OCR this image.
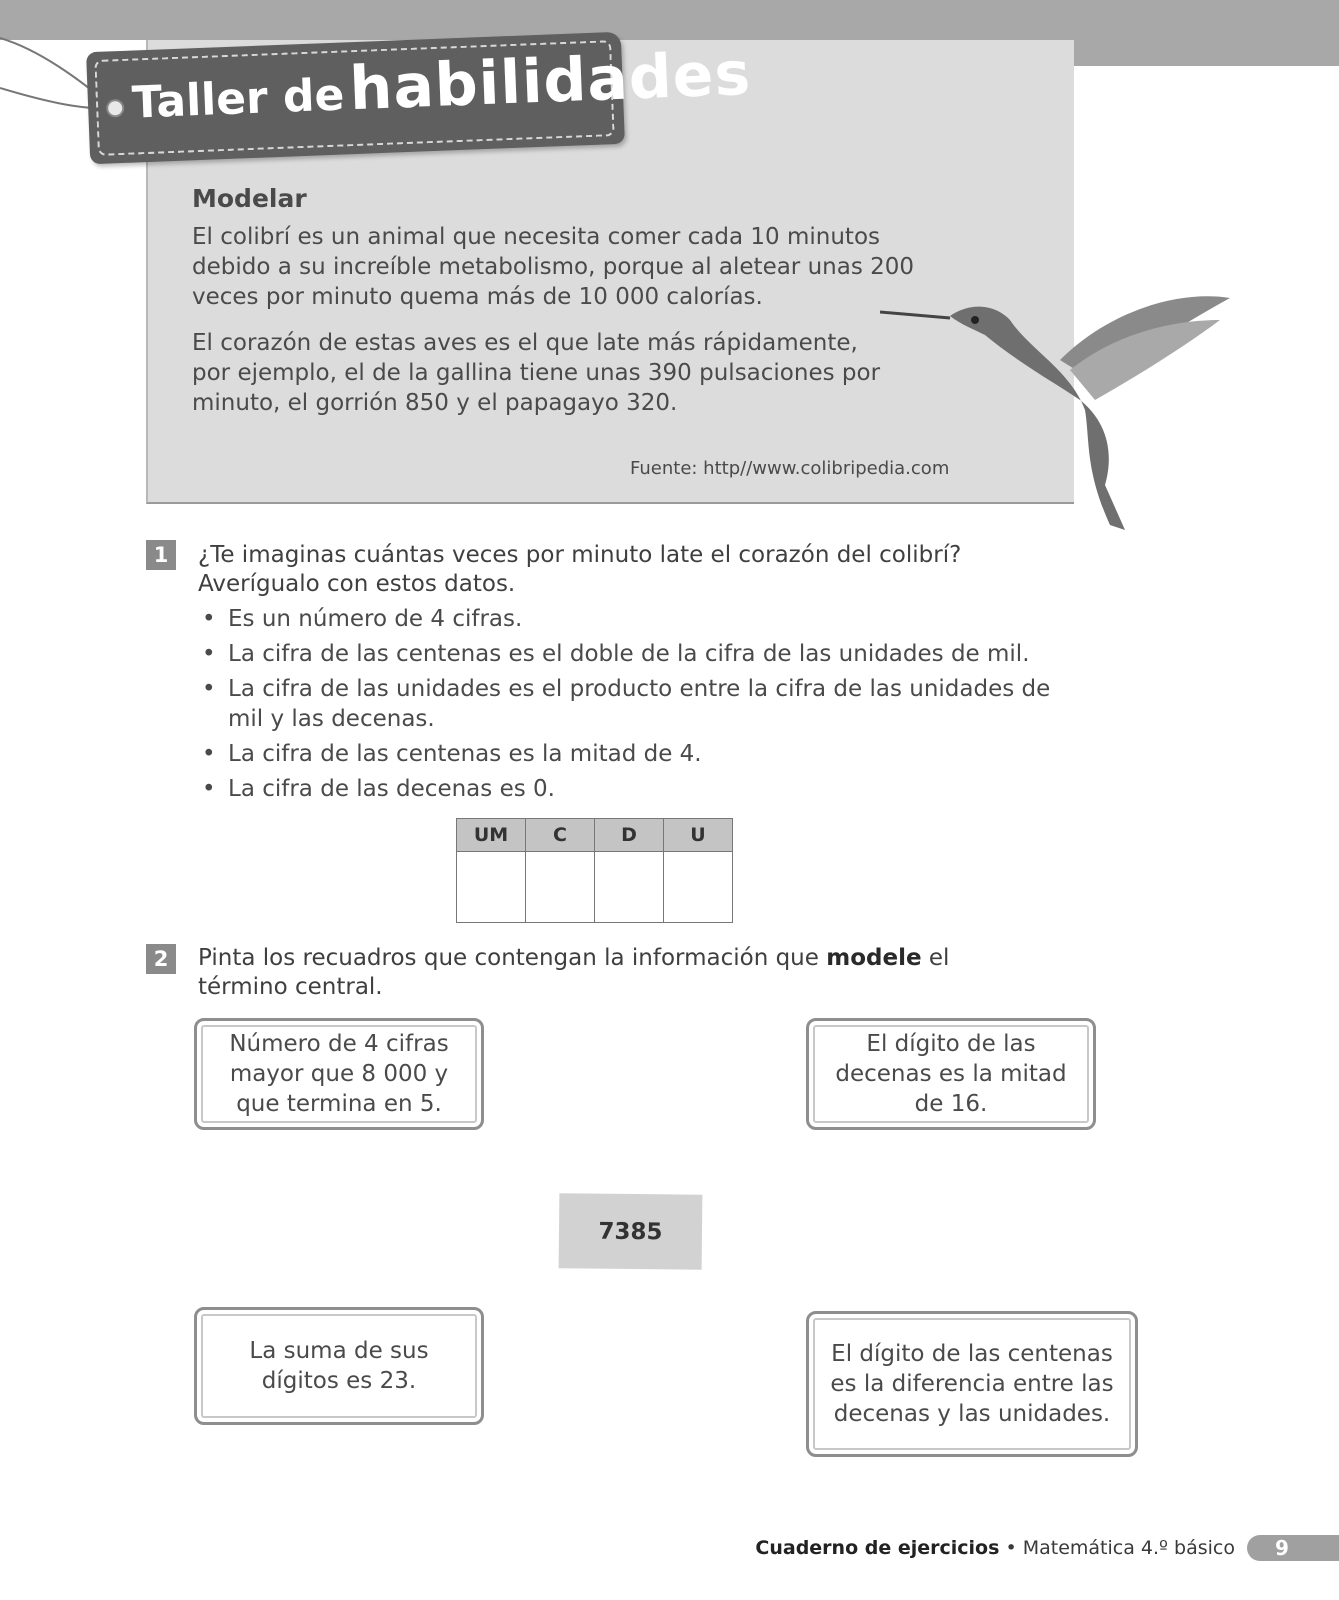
Taller de habilidades
Modelar
El colibrí es un animal que necesita comer cada 10 minutos debido a su increíble metabolismo, porque al aletear unas 200 veces por minuto quema más de 10 000 calorías.
El corazón de estas aves es el que late más rápidamente, por ejemplo, el de la gallina tiene unas 390 pulsaciones por minuto, el gorrión 850 y el papagayo 320.
Fuente: http//www.colibripedia.com
1	¿Te imaginas cuántas veces por minuto late el corazón del colibrí?
Averígualo con estos datos.
• Es un número de 4 cifras.
• La cifra de las centenas es el doble de la cifra de las unidades de mil.
• La cifra de las unidades es el producto entre la cifra de las unidades de mil y las decenas.
• La cifra de las centenas es la mitad de 4.
• La cifra de las decenas es 0.
UM	C	D	U

2	Pinta los recuadros que contengan la información que modele el
término central.
Número de 4 cifras mayor que 8 000 y que termina en 5.
El dígito de las decenas es la mitad de 16.
7385
La suma de sus dígitos es 23.
El dígito de las centenas es la diferencia entre las decenas y las unidades.
Cuaderno de ejercicios • Matemática 4.º básico	9
